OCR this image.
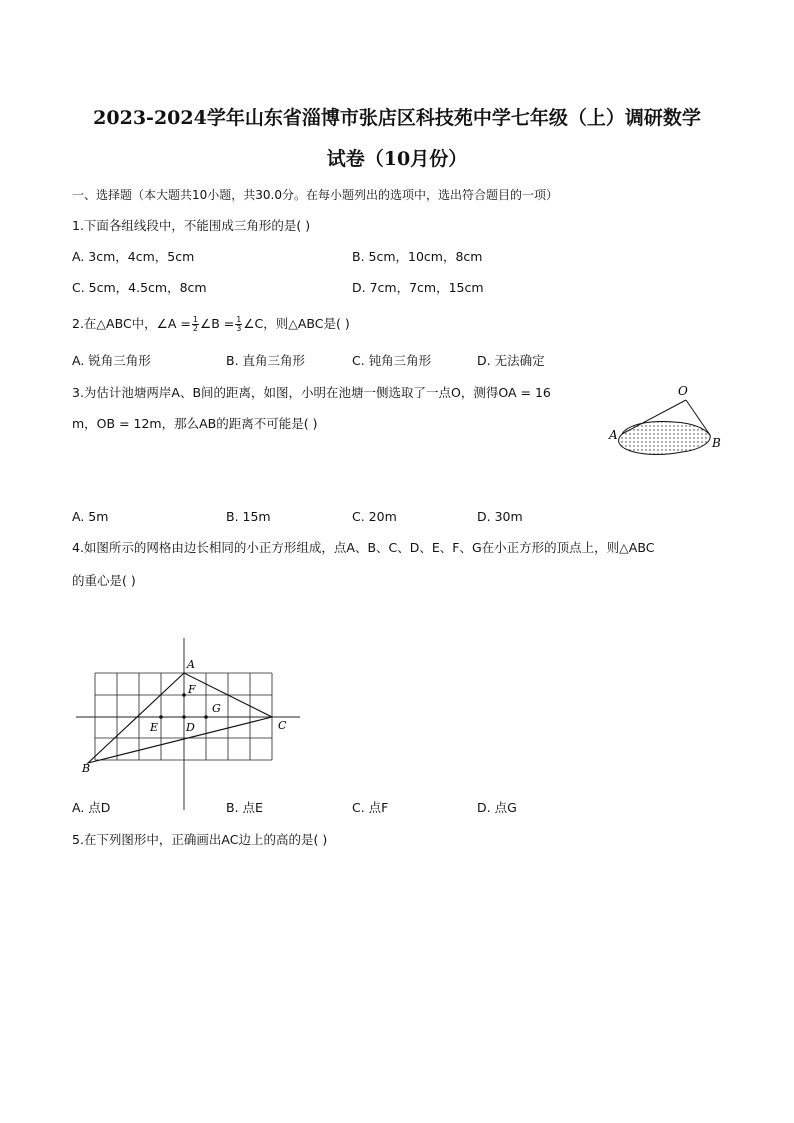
2023-2024学年山东省淄博市张店区科技苑中学七年级（上）调研数学
试卷（10月份）
一、选择题（本大题共10小题，共30.0分。在每小题列出的选项中，选出符合题目的一项）
1.下面各组线段中，不能围成三角形的是( )
A. 3cm，4cm，5cm	B. 5cm，10cm，8cm
C. 5cm，4.5cm，8cm	D. 7cm，7cm，15cm
2.在△ABC中，∠A = $\frac{1}{2}$ ∠B = $\frac{1}{3}$ ∠C，则△ABC是( )
A. 锐角三角形	B. 直角三角形	C. 钝角三角形	D. 无法确定
3.为估计池塘两岸A、B间的距离，如图，小明在池塘一侧选取了一点O，测得OA = 16
m，OB = 12m，那么AB的距离不可能是( )
O
A
B
A. 5m	B. 15m	C. 20m	D. 30m
4.如图所示的网格由边长相同的小正方形组成，点A、B、C、D、E、F、G在小正方形的顶点上，则△ABC
的重心是( )
A
B
C
D
E
F
G
A. 点D	B. 点E	C. 点F	D. 点G
5.在下列图形中，正确画出AC边上的高的是( )
